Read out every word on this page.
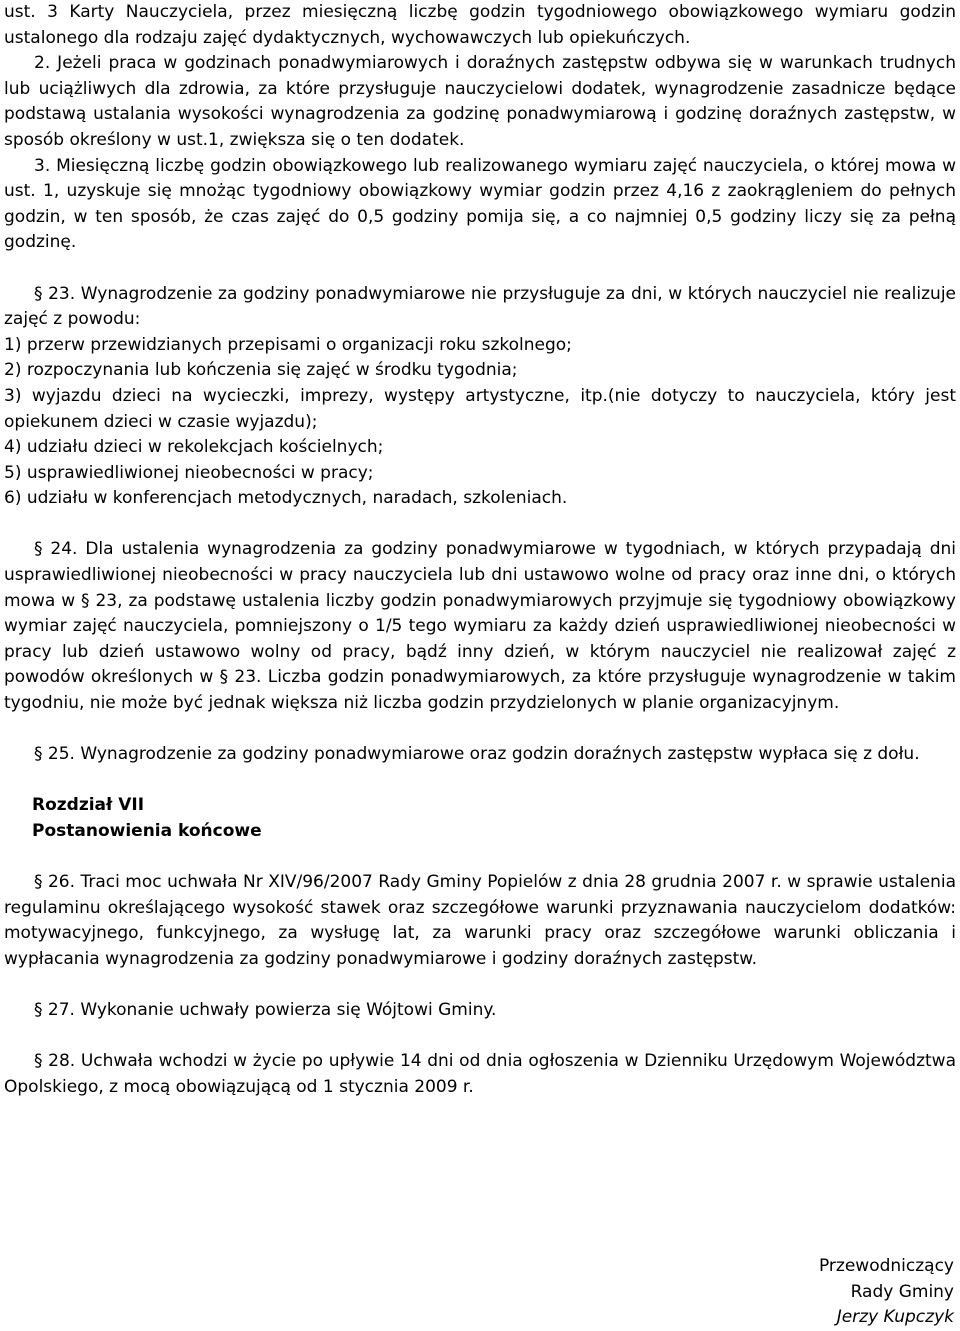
ust. 3 Karty Nauczyciela, przez miesięczną liczbę godzin tygodniowego obowiązkowego wymiaru godzin ustalonego dla rodzaju zajęć dydaktycznych, wychowawczych lub opiekuńczych.

2. Jeżeli praca w godzinach ponadwymiarowych i doraźnych zastępstw odbywa się w warunkach trudnych lub uciążliwych dla zdrowia, za które przysługuje nauczycielowi dodatek, wynagrodzenie zasadnicze będące podstawą ustalania wysokości wynagrodzenia za godzinę ponadwymiarową i godzinę doraźnych zastępstw, w sposób określony w ust.1, zwiększa się o ten dodatek.

3. Miesięczną liczbę godzin obowiązkowego lub realizowanego wymiaru zajęć nauczyciela, o której mowa w ust. 1, uzyskuje się mnożąc tygodniowy obowiązkowy wymiar godzin przez 4,16 z zaokrągleniem do pełnych godzin, w ten sposób, że czas zajęć do 0,5 godziny pomija się, a co najmniej 0,5 godziny liczy się za pełną godzinę.

§ 23. Wynagrodzenie za godziny ponadwymiarowe nie przysługuje za dni, w których nauczyciel nie realizuje zajęć z powodu:

1) przerw przewidzianych przepisami o organizacji roku szkolnego;

2) rozpoczynania lub kończenia się zajęć w środku tygodnia;

3) wyjazdu dzieci na wycieczki, imprezy, występy artystyczne, itp.(nie dotyczy to nauczyciela, który jest opiekunem dzieci w czasie wyjazdu);

4) udziału dzieci w rekolekcjach kościelnych;

5) usprawiedliwionej nieobecności w pracy;

6) udziału w konferencjach metodycznych, naradach, szkoleniach.

§ 24. Dla ustalenia wynagrodzenia za godziny ponadwymiarowe w tygodniach, w których przypadają dni usprawiedliwionej nieobecności w pracy nauczyciela lub dni ustawowo wolne od pracy oraz inne dni, o których mowa w § 23, za podstawę ustalenia liczby godzin ponadwymiarowych przyjmuje się tygodniowy obowiązkowy wymiar zajęć nauczyciela, pomniejszony o 1/5 tego wymiaru za każdy dzień usprawiedliwionej nieobecności w pracy lub dzień ustawowo wolny od pracy, bądź inny dzień, w którym nauczyciel nie realizował zajęć z powodów określonych w § 23. Liczba godzin ponadwymiarowych, za które przysługuje wynagrodzenie w takim tygodniu, nie może być jednak większa niż liczba godzin przydzielonych w planie organizacyjnym.

§ 25. Wynagrodzenie za godziny ponadwymiarowe oraz godzin doraźnych zastępstw wypłaca się z dołu.

Rozdział VII

Postanowienia końcowe

§ 26. Traci moc uchwała Nr XIV/96/2007 Rady Gminy Popielów z dnia 28 grudnia 2007 r. w sprawie ustalenia regulaminu określającego wysokość stawek oraz szczegółowe warunki przyznawania nauczycielom dodatków: motywacyjnego, funkcyjnego, za wysługę lat, za warunki pracy oraz szczegółowe warunki obliczania i wypłacania wynagrodzenia za godziny ponadwymiarowe i godziny doraźnych zastępstw.

§ 27. Wykonanie uchwały powierza się Wójtowi Gminy.

§ 28. Uchwała wchodzi w życie po upływie 14 dni od dnia ogłoszenia w Dzienniku Urzędowym Województwa Opolskiego, z mocą obowiązującą od 1 stycznia 2009 r.

Przewodniczący
Rady Gminy
Jerzy Kupczyk
